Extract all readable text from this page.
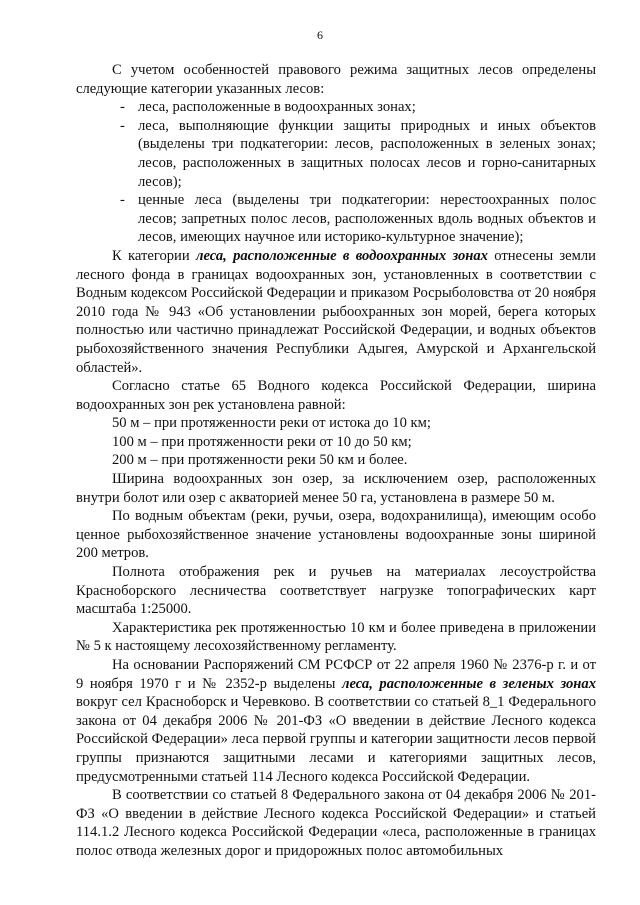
6

С учетом особенностей правового режима защитных лесов определены следующие категории указанных лесов:

- леса, расположенные в водоохранных зонах;
- леса, выполняющие функции защиты природных и иных объектов (выделены три подкатегории: лесов, расположенных в зеленых зонах; лесов, расположенных в защитных полосах лесов и горно-санитарных лесов);
- ценные леса (выделены три подкатегории: нерестоохранных полос лесов; запретных полос лесов, расположенных вдоль водных объектов и лесов, имеющих научное или историко-культурное значение);

К категории леса, расположенные в водоохранных зонах отнесены земли лесного фонда в границах водоохранных зон, установленных в соответствии с Водным кодексом Российской Федерации и приказом Росрыболовства от 20 ноября 2010 года № 943 «Об установлении рыбоохранных зон морей, берега которых полностью или частично принадлежат Российской Федерации, и водных объектов рыбохозяйственного значения Республики Адыгея, Амурской и Архангельской областей».

Согласно статье 65 Водного кодекса Российской Федерации, ширина водоохранных зон рек установлена равной:

50 м – при протяженности реки от истока до 10 км;

100 м – при протяженности реки от 10 до 50 км;

200 м – при протяженности реки 50 км и более.

Ширина водоохранных зон озер, за исключением озер, расположенных внутри болот или озер с акваторией менее 50 га, установлена в размере 50 м.

По водным объектам (реки, ручьи, озера, водохранилища), имеющим особо ценное рыбохозяйственное значение установлены водоохранные зоны шириной 200 метров.

Полнота отображения рек и ручьев на материалах лесоустройства Красноборского лесничества соответствует нагрузке топографических карт масштаба 1:25000.

Характеристика рек протяженностью 10 км и более приведена в приложении № 5 к настоящему лесохозяйственному регламенту.

На основании Распоряжений СМ РСФСР от 22 апреля 1960 № 2376-р г. и от 9 ноября 1970 г и № 2352-р выделены леса, расположенные в зеленых зонах вокруг сел Красноборск и Черевково. В соответствии со статьей 8_1 Федерального закона от 04 декабря 2006 № 201-ФЗ «О введении в действие Лесного кодекса Российской Федерации» леса первой группы и категории защитности лесов первой группы признаются защитными лесами и категориями защитных лесов, предусмотренными статьей 114 Лесного кодекса Российской Федерации.

В соответствии со статьей 8 Федерального закона от 04 декабря 2006 № 201-ФЗ «О введении в действие Лесного кодекса Российской Федерации» и статьей 114.1.2 Лесного кодекса Российской Федерации «леса, расположенные в границах полос отвода железных дорог и придорожных полос автомобильных
